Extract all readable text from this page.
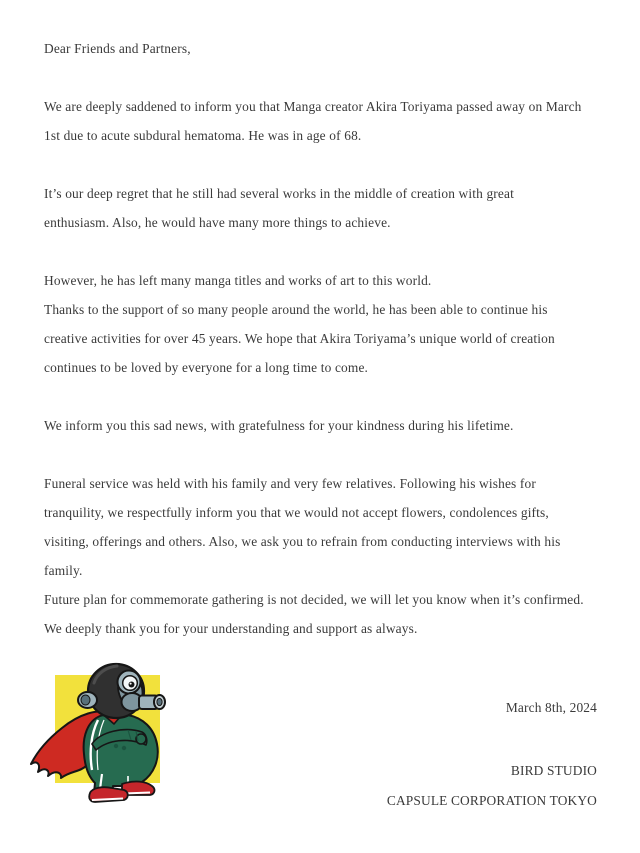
Dear Friends and Partners,
We are deeply saddened to inform you that Manga creator Akira Toriyama passed away on March
1st due to acute subdural hematoma. He was in age of 68.
It’s our deep regret that he still had several works in the middle of creation with great
enthusiasm. Also, he would have many more things to achieve.
However, he has left many manga titles and works of art to this world.
Thanks to the support of so many people around the world, he has been able to continue his
creative activities for over 45 years. We hope that Akira Toriyama’s unique world of creation
continues to be loved by everyone for a long time to come.
We inform you this sad news, with gratefulness for your kindness during his lifetime.
Funeral service was held with his family and very few relatives. Following his wishes for
tranquility, we respectfully inform you that we would not accept flowers, condolences gifts,
visiting, offerings and others. Also, we ask you to refrain from conducting interviews with his
family.
Future plan for commemorate gathering is not decided, we will let you know when it’s confirmed.
We deeply thank you for your understanding and support as always.
March 8th, 2024
BIRD STUDIO
CAPSULE CORPORATION TOKYO
